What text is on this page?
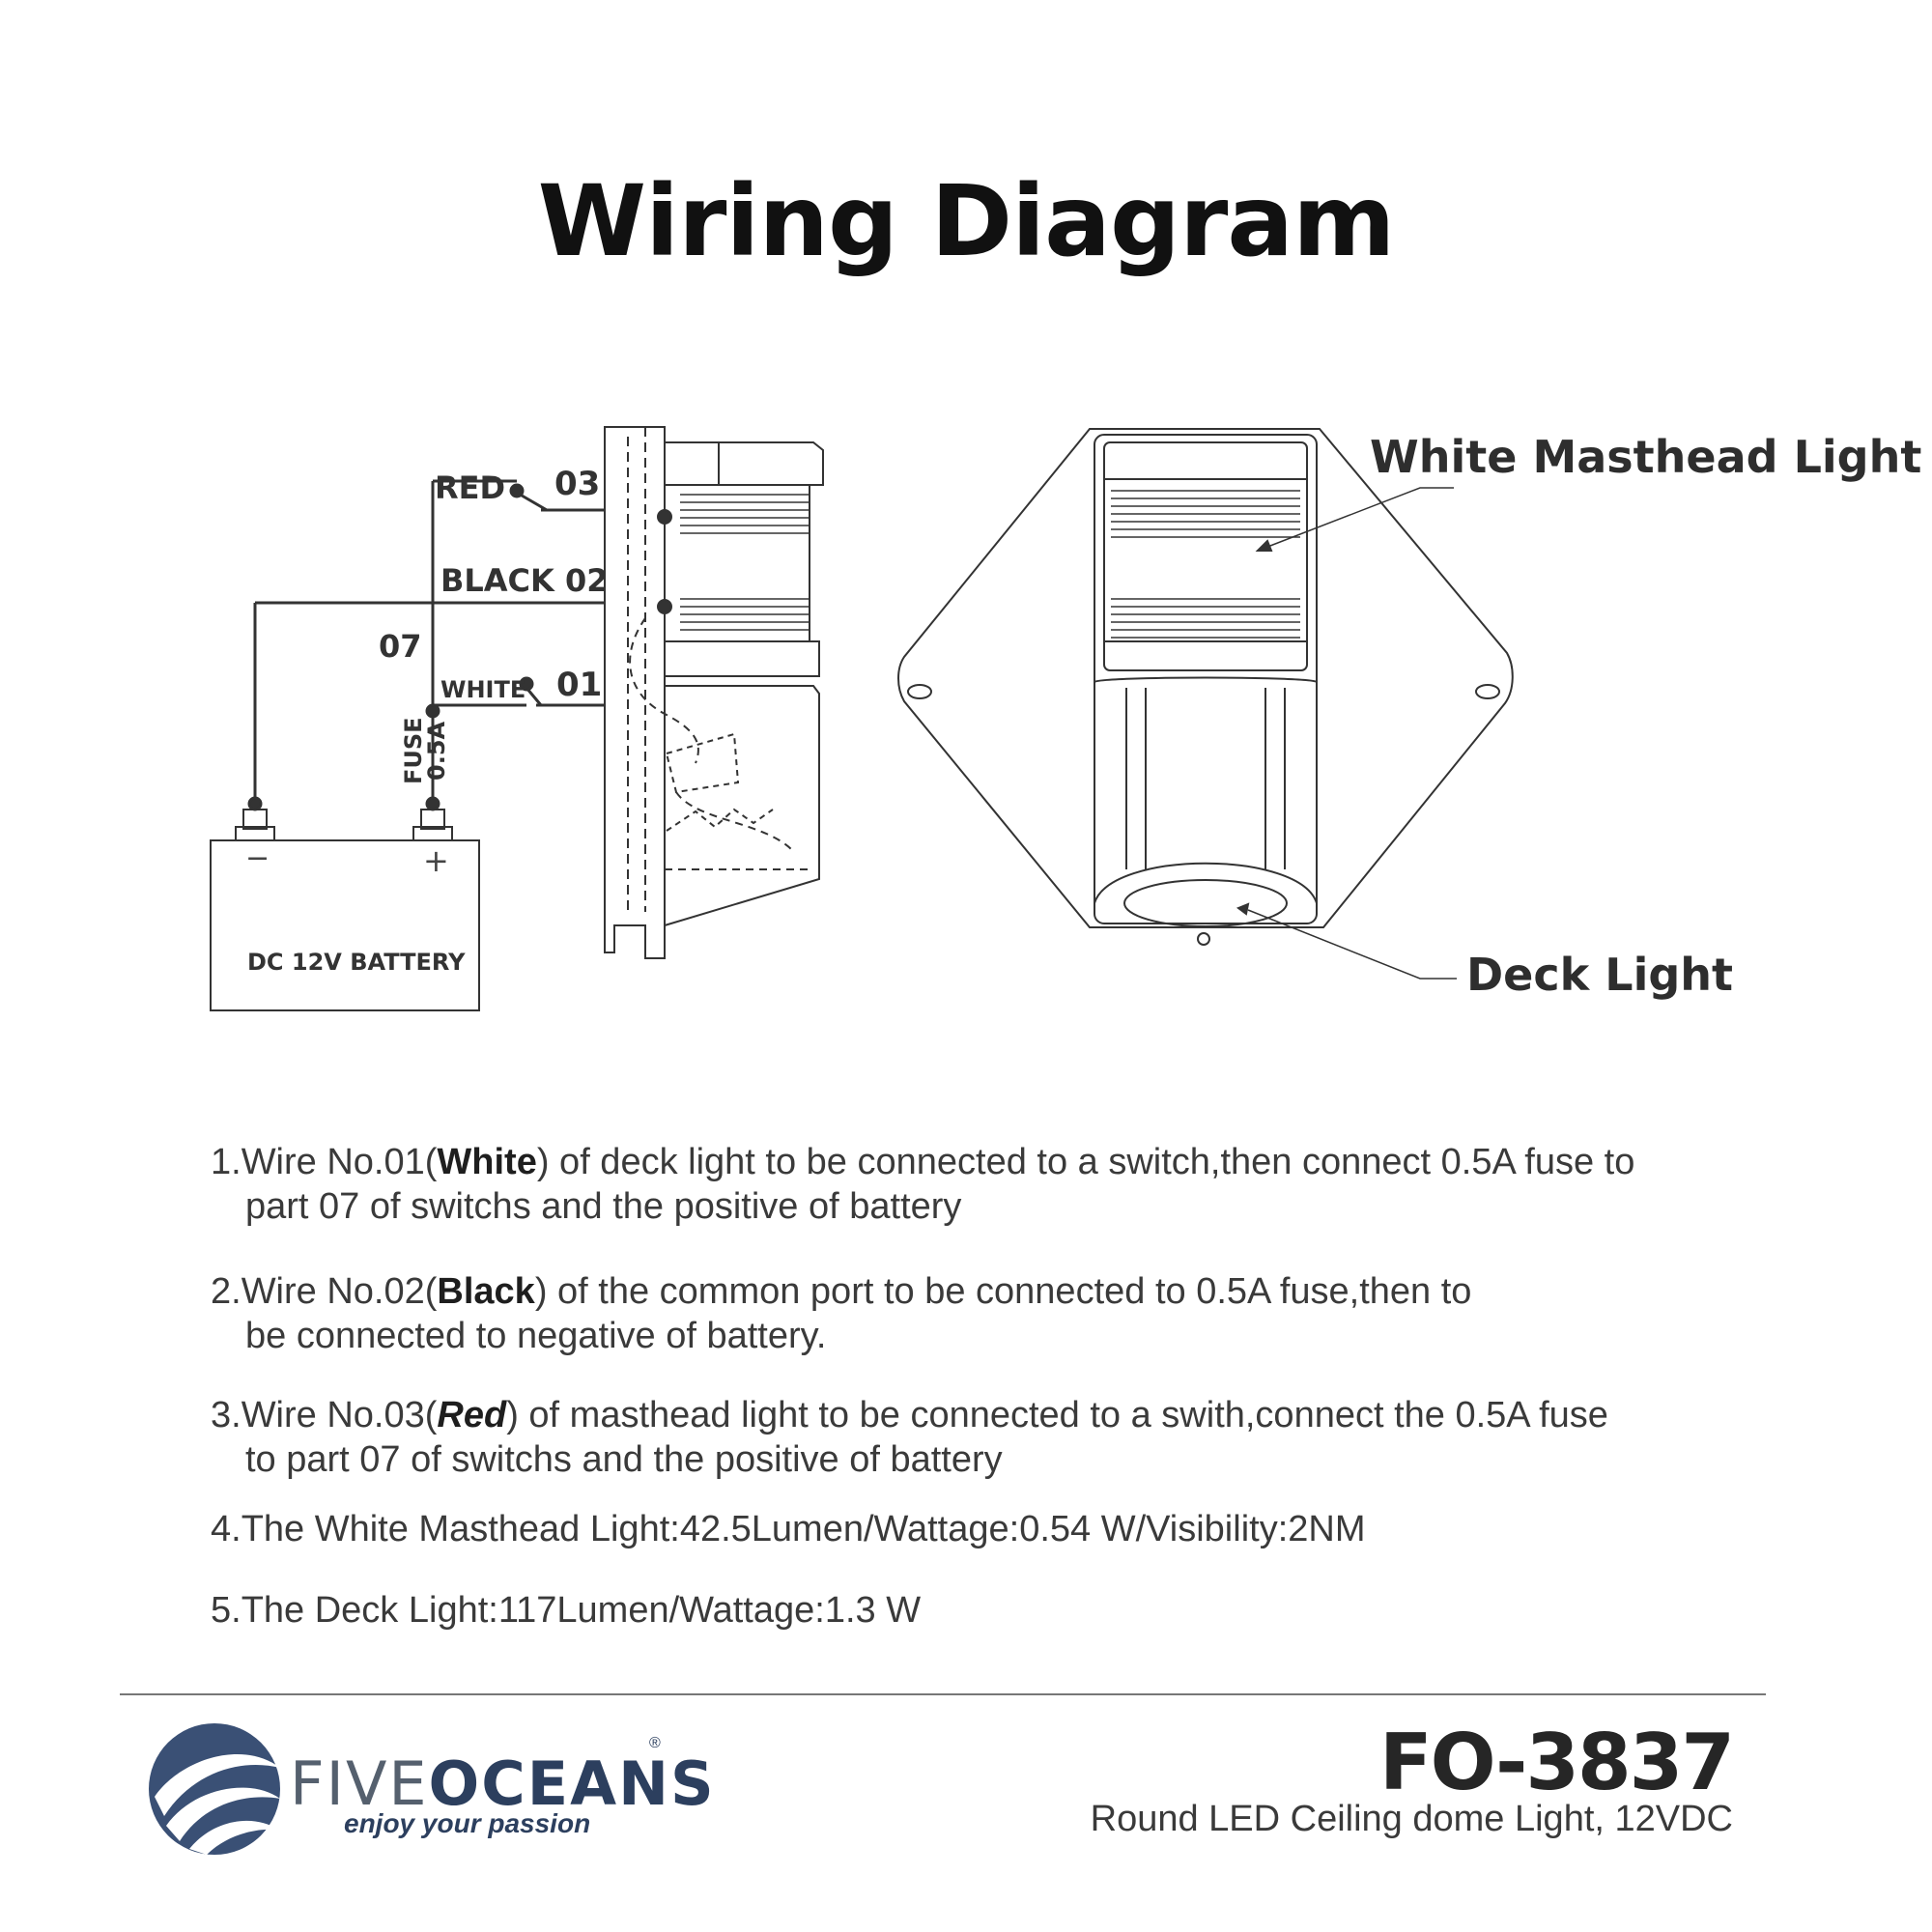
Wiring Diagram
RED 03
BLACK 02
07
WHITE 01
FUSE
0.5A
DC 12V BATTERY
−	+
White Masthead Light
Deck Light
1.Wire No.01(White) of deck light to be connected to a switch,then connect 0.5A fuse to
part 07 of switchs and the positive of battery
2.Wire No.02(Black) of the common port to be connected to 0.5A fuse,then to
be connected to negative of battery.
3.Wire No.03(Red) of masthead light to be connected to a swith,connect the 0.5A fuse
to part 07 of switchs and the positive of battery
4.The White Masthead Light:42.5Lumen/Wattage:0.54 W/Visibility:2NM
5.The Deck Light:117Lumen/Wattage:1.3 W
FIVEOCEANS
®
enjoy your passion
FO-3837
Round LED Ceiling dome Light, 12VDC
